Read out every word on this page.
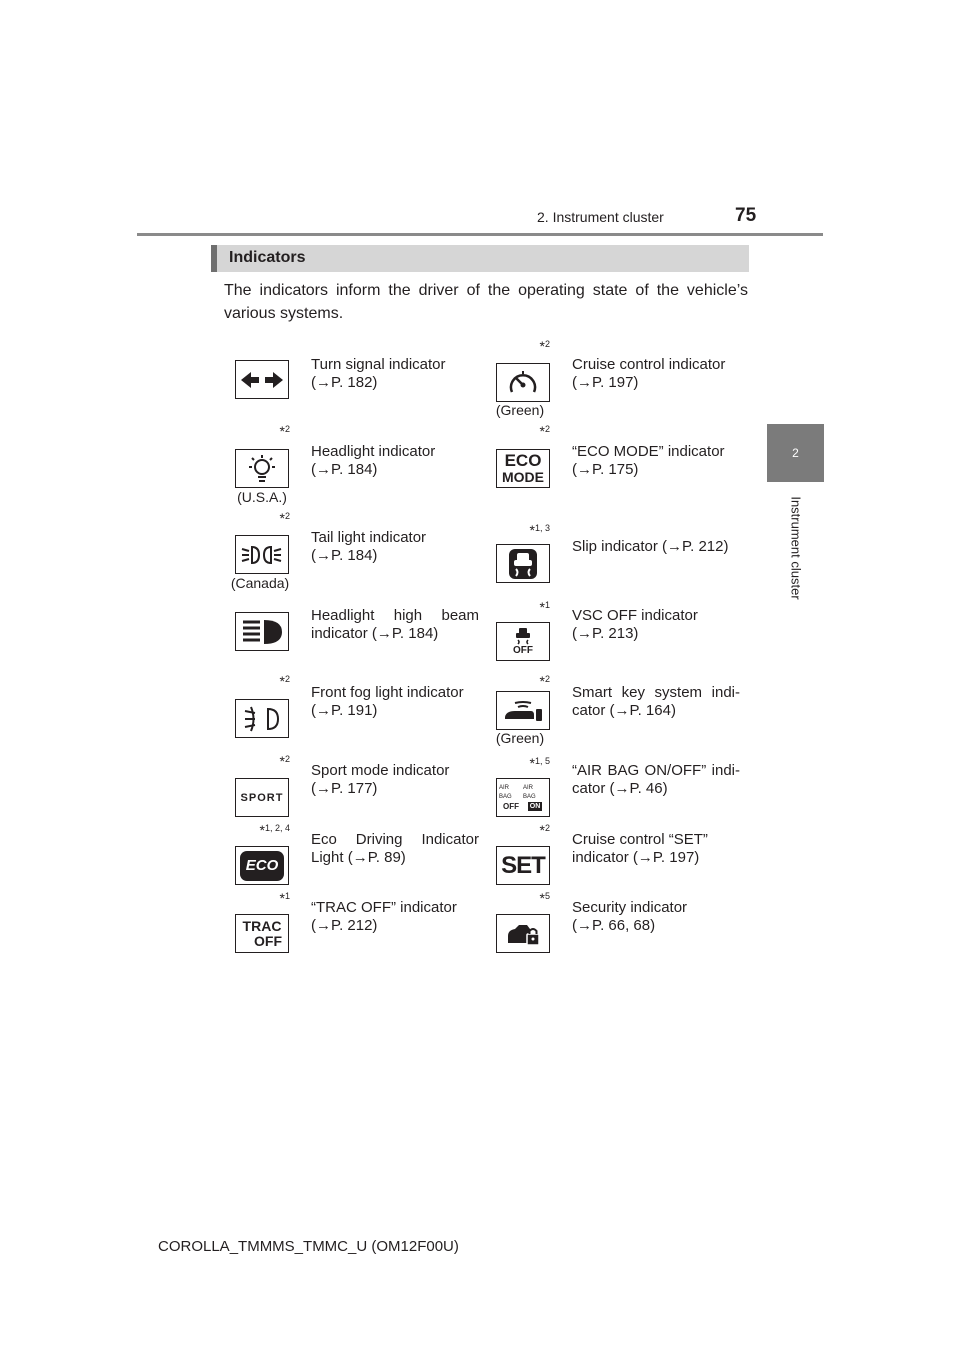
2. Instrument cluster	75
2
Instrument cluster
Indicators
The indicators inform the driver of the operating state of the vehicle’s various systems.
Turn signal indicator
(→P. 182)
*$^2$
(U.S.A.)
Headlight indicator
(→P. 184)
*$^2$
(Canada)
Tail light indicator
(→P. 184)
Headlight high beam
indicator (→P. 184)
*$^2$
Front fog light indicator
(→P. 191)
*$^2$
SPORT
Sport mode indicator
(→P. 177)
*$^{1, 2, 4}$
ECO
Eco Driving Indicator
Light (→P. 89)
*$^1$
TRAC
OFF
“TRAC OFF” indicator
(→P. 212)
*$^2$
(Green)
Cruise control indicator
(→P. 197)
*$^2$
ECO
MODE
“ECO MODE” indicator
(→P. 175)
*$^{1, 3}$
Slip indicator (→P. 212)
*$^1$
OFF
VSC OFF indicator
(→P. 213)
*$^2$
(Green)
Smart key system indi-
cator (→P. 164)
*$^{1, 5}$
AIR BAG
OFF
AIR BAG
ON
“AIR BAG ON/OFF” indi-
cator (→P. 46)
*$^2$
SET
Cruise control “SET”
indicator (→P. 197)
*$^5$
Security indicator
(→P. 66, 68)
COROLLA_TMMMS_TMMC_U (OM12F00U)
